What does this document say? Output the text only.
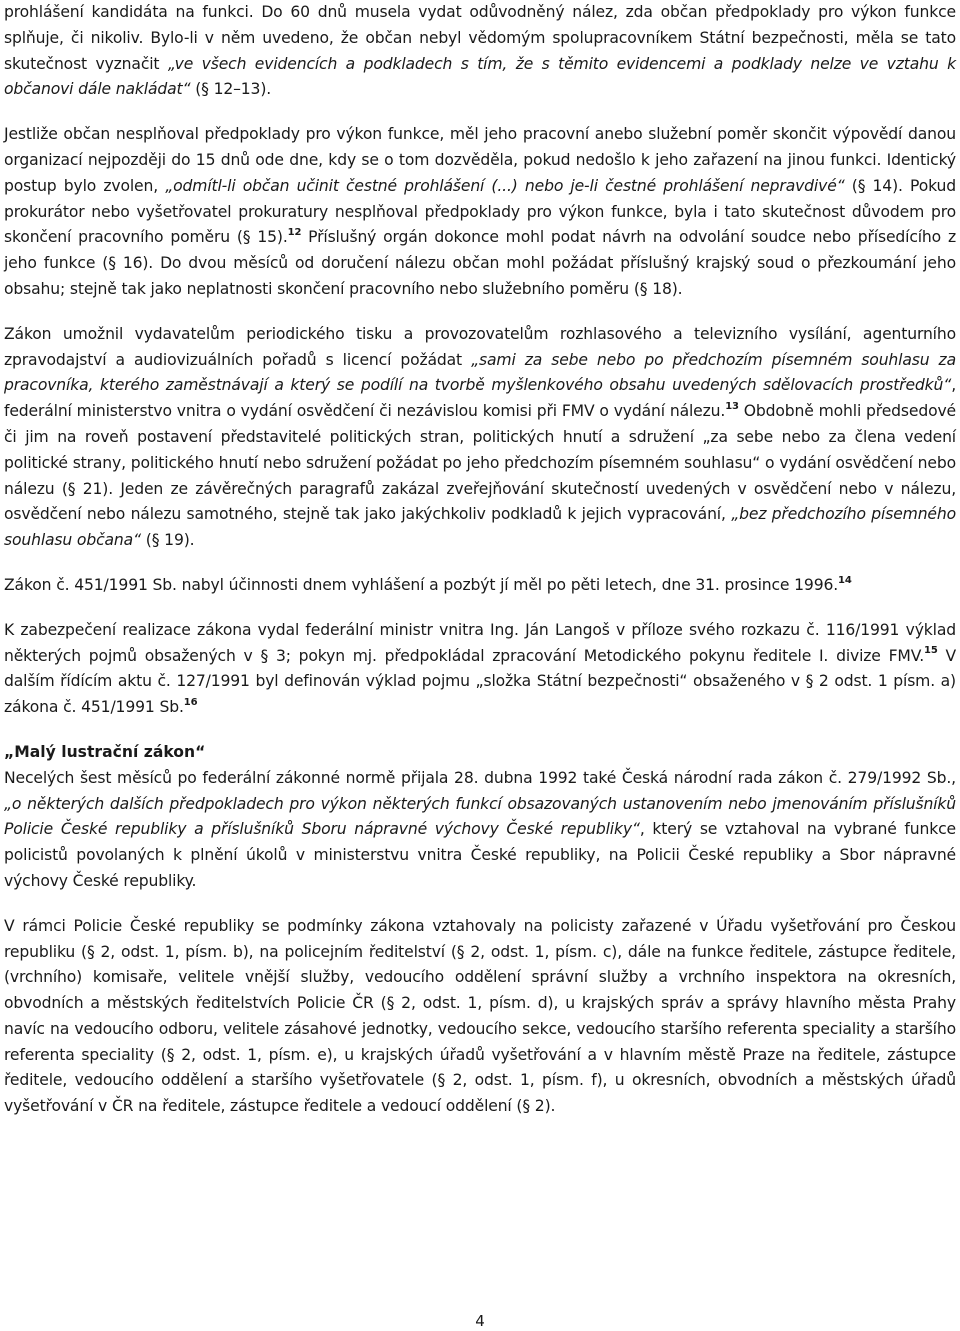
prohlášení kandidáta na funkci. Do 60 dnů musela vydat odůvodněný nález, zda občan předpoklady pro výkon funkce splňuje, či nikoliv. Bylo-li v něm uvedeno, že občan nebyl vědomým spolupracovníkem Státní bezpečnosti, měla se tato skutečnost vyznačit „ve všech evidencích a podkladech s tím, že s těmito evidencemi a podklady nelze ve vztahu k občanovi dále nakládat“ (§ 12–13).

Jestliže občan nesplňoval předpoklady pro výkon funkce, měl jeho pracovní anebo služební poměr skončit výpovědí danou organizací nejpozději do 15 dnů ode dne, kdy se o tom dozvěděla, pokud nedošlo k jeho zařazení na jinou funkci. Identický postup bylo zvolen, „odmítl-li občan učinit čestné prohlášení (...) nebo je-li čestné prohlášení nepravdivé“ (§ 14). Pokud prokurátor nebo vyšetřovatel prokuratury nesplňoval předpoklady pro výkon funkce, byla i tato skutečnost důvodem pro skončení pracovního poměru (§ 15).$^{12}$ Příslušný orgán dokonce mohl podat návrh na odvolání soudce nebo přísedícího z jeho funkce (§ 16). Do dvou měsíců od doručení nálezu občan mohl požádat příslušný krajský soud o přezkoumání jeho obsahu; stejně tak jako neplatnosti skončení pracovního nebo služebního poměru (§ 18).

Zákon umožnil vydavatelům periodického tisku a provozovatelům rozhlasového a televizního vysílání, agenturního zpravodajství a audiovizuálních pořadů s licencí požádat „sami za sebe nebo po předchozím písemném souhlasu za pracovníka, kterého zaměstnávají a který se podílí na tvorbě myšlenkového obsahu uvedených sdělovacích prostředků“, federální ministerstvo vnitra o vydání osvědčení či nezávislou komisi při FMV o vydání nálezu.$^{13}$ Obdobně mohli předsedové či jim na roveň postavení představitelé politických stran, politických hnutí a sdružení „za sebe nebo za člena vedení politické strany, politického hnutí nebo sdružení požádat po jeho předchozím písemném souhlasu“ o vydání osvědčení nebo nálezu (§ 21). Jeden ze závěrečných paragrafů zakázal zveřejňování skutečností uvedených v osvědčení nebo v nálezu, osvědčení nebo nálezu samotného, stejně tak jako jakýchkoliv podkladů k jejich vypracování, „bez předchozího písemného souhlasu občana“ (§ 19).

Zákon č. 451/1991 Sb. nabyl účinnosti dnem vyhlášení a pozbýt jí měl po pěti letech, dne 31. prosince 1996.14

K zabezpečení realizace zákona vydal federální ministr vnitra Ing. Ján Langoš v příloze svého rozkazu č. 116/1991 výklad některých pojmů obsažených v § 3; pokyn mj. předpokládal zpracování Metodického pokynu ředitele I. divize FMV.$^{15}$ V dalším řídícím aktu č. 127/1991 byl definován výklad pojmu „složka Státní bezpečnosti“ obsaženého v § 2 odst. 1 písm. a) zákona č. 451/1991 Sb.$^{16}$

„Malý lustrační zákon“

Necelých šest měsíců po federální zákonné normě přijala 28. dubna 1992 také Česká národní rada zákon č. 279/1992 Sb., „o některých dalších předpokladech pro výkon některých funkcí obsazovaných ustanovením nebo jmenováním příslušníků Policie České republiky a příslušníků Sboru nápravné výchovy České republiky“, který se vztahoval na vybrané funkce policistů povolaných k plnění úkolů v ministerstvu vnitra České republiky, na Policii České republiky a Sbor nápravné výchovy České republiky.

V rámci Policie České republiky se podmínky zákona vztahovaly na policisty zařazené v Úřadu vyšetřování pro Českou republiku (§ 2, odst. 1, písm. b), na policejním ředitelství (§ 2, odst. 1, písm. c), dále na funkce ředitele, zástupce ředitele, (vrchního) komisaře, velitele vnější služby, vedoucího oddělení správní služby a vrchního inspektora na okresních, obvodních a městských ředitelstvích Policie ČR (§ 2, odst. 1, písm. d), u krajských správ a správy hlavního města Prahy navíc na vedoucího odboru, velitele zásahové jednotky, vedoucího sekce, vedoucího staršího referenta speciality a staršího referenta speciality (§ 2, odst. 1, písm. e), u krajských úřadů vyšetřování a v hlavním městě Praze na ředitele, zástupce ředitele, vedoucího oddělení a staršího vyšetřovatele (§ 2, odst. 1, písm. f), u okresních, obvodních a městských úřadů vyšetřování v ČR na ředitele, zástupce ředitele a vedoucí oddělení (§ 2).

4
